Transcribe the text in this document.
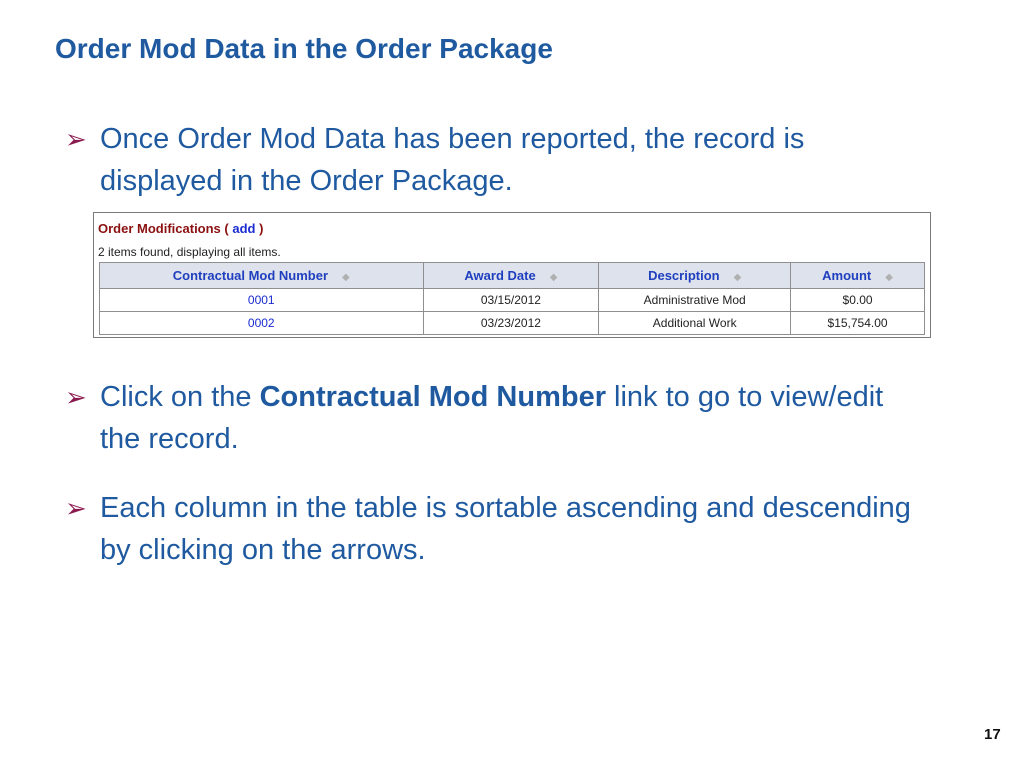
Order Mod Data in the Order Package
➢ Once Order Mod Data has been reported, the record is displayed in the Order Package.
Order Modifications ( add )
2 items found, displaying all items.
Contractual Mod Number ◆	Award Date ◆	Description ◆	Amount ◆
0001	03/15/2012	Administrative Mod	$0.00
0002	03/23/2012	Additional Work	$15,754.00
➢ Click on the Contractual Mod Number link to go to view/edit the record.
➢ Each column in the table is sortable ascending and descending by clicking on the arrows.
17
